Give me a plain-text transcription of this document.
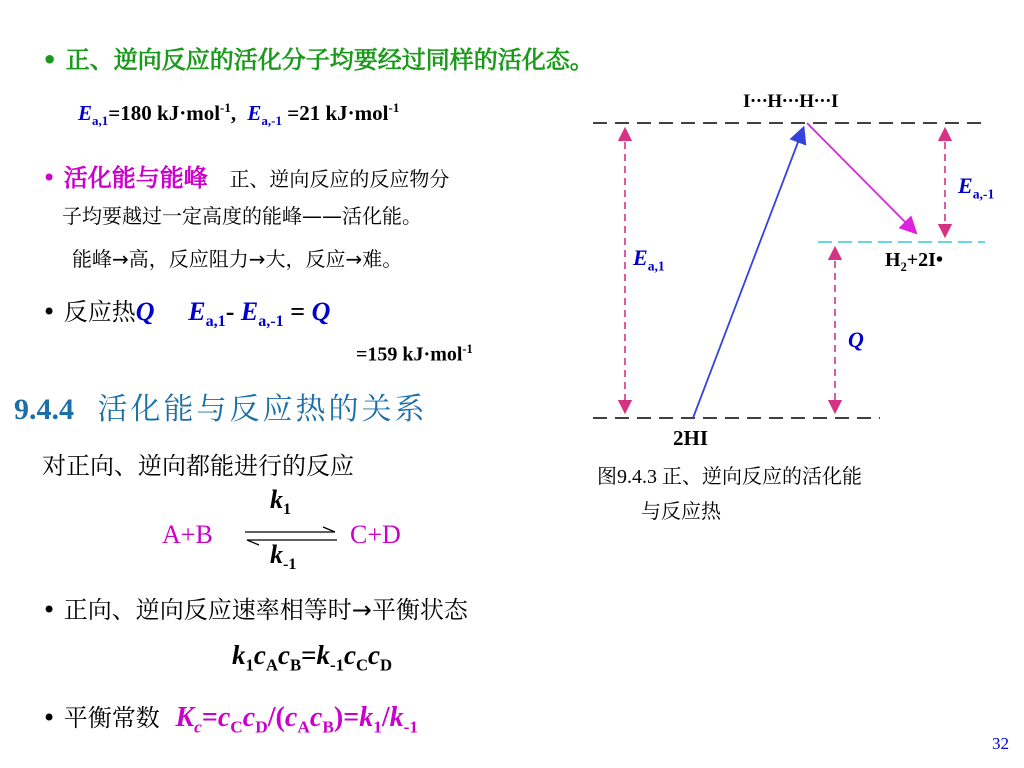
• 正、逆向反应的活化分子均要经过同样的活化态。
$E_{a,1}=180$ kJ·mol$^{-1}$, $E_{a,-1} =21$ kJ·mol$^{-1}$
• 活化能与能峰 正、逆向反应的反应物分
子均要越过一定高度的能峰——活化能。
能峰→高，反应阻力→大，反应→难。
• 反应热Q $E_{a,1}-$ $E_{a,-1} = Q$
=159 kJ·mol$^{-1}$
9.4.4 活化能与反应热的关系
对正向、逆向都能进行的反应
$k_1$
A+B	C+D
$k_{-1}$
• 正向、逆向反应速率相等时→平衡状态
$k_1c_Ac_B=k_{-1}c_Cc_D$
• 平衡常数 $K_c=c_Cc_D/(c_Ac_B)=k_1/k_{-1}$
I···H···H···I
$E_{a,-1}$
$E_{a,1}$	$H_2+2I•$
Q
2HI
图9.4.3 正、逆向反应的活化能
与反应热
32
